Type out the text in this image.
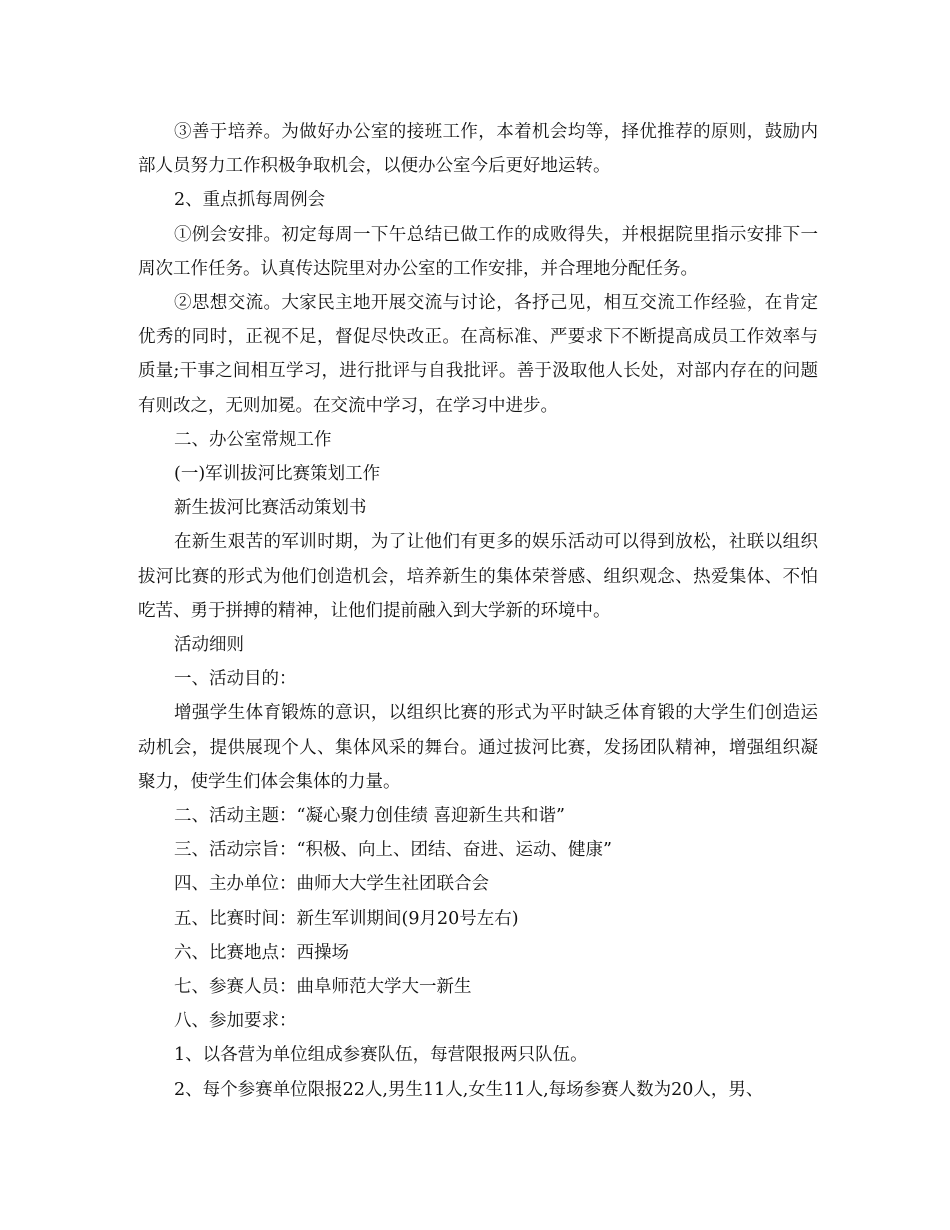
③善于培养。为做好办公室的接班工作，本着机会均等，择优推荐的原则，鼓励内部人员努力工作积极争取机会，以便办公室今后更好地运转。

2、重点抓每周例会

①例会安排。初定每周一下午总结已做工作的成败得失，并根据院里指示安排下一周次工作任务。认真传达院里对办公室的工作安排，并合理地分配任务。

②思想交流。大家民主地开展交流与讨论，各抒己见，相互交流工作经验，在肯定优秀的同时，正视不足，督促尽快改正。在高标准、严要求下不断提高成员工作效率与质量;干事之间相互学习，进行批评与自我批评。善于汲取他人长处，对部内存在的问题有则改之，无则加冕。在交流中学习，在学习中进步。

二、办公室常规工作

(一)军训拔河比赛策划工作

新生拔河比赛活动策划书

在新生艰苦的军训时期，为了让他们有更多的娱乐活动可以得到放松，社联以组织拔河比赛的形式为他们创造机会，培养新生的集体荣誉感、组织观念、热爱集体、不怕吃苦、勇于拼搏的精神，让他们提前融入到大学新的环境中。

活动细则

一、活动目的：

增强学生体育锻炼的意识，以组织比赛的形式为平时缺乏体育锻的大学生们创造运动机会，提供展现个人、集体风采的舞台。通过拔河比赛，发扬团队精神，增强组织凝聚力，使学生们体会集体的力量。

二、活动主题：“凝心聚力创佳绩 喜迎新生共和谐”

三、活动宗旨：“积极、向上、团结、奋进、运动、健康”

四、主办单位：曲师大大学生社团联合会

五、比赛时间：新生军训期间(9月20号左右)

六、比赛地点：西操场

七、参赛人员：曲阜师范大学大一新生

八、参加要求：

1、以各营为单位组成参赛队伍，每营限报两只队伍。

2、每个参赛单位限报22人,男生11人,女生11人,每场参赛人数为20人，男、
